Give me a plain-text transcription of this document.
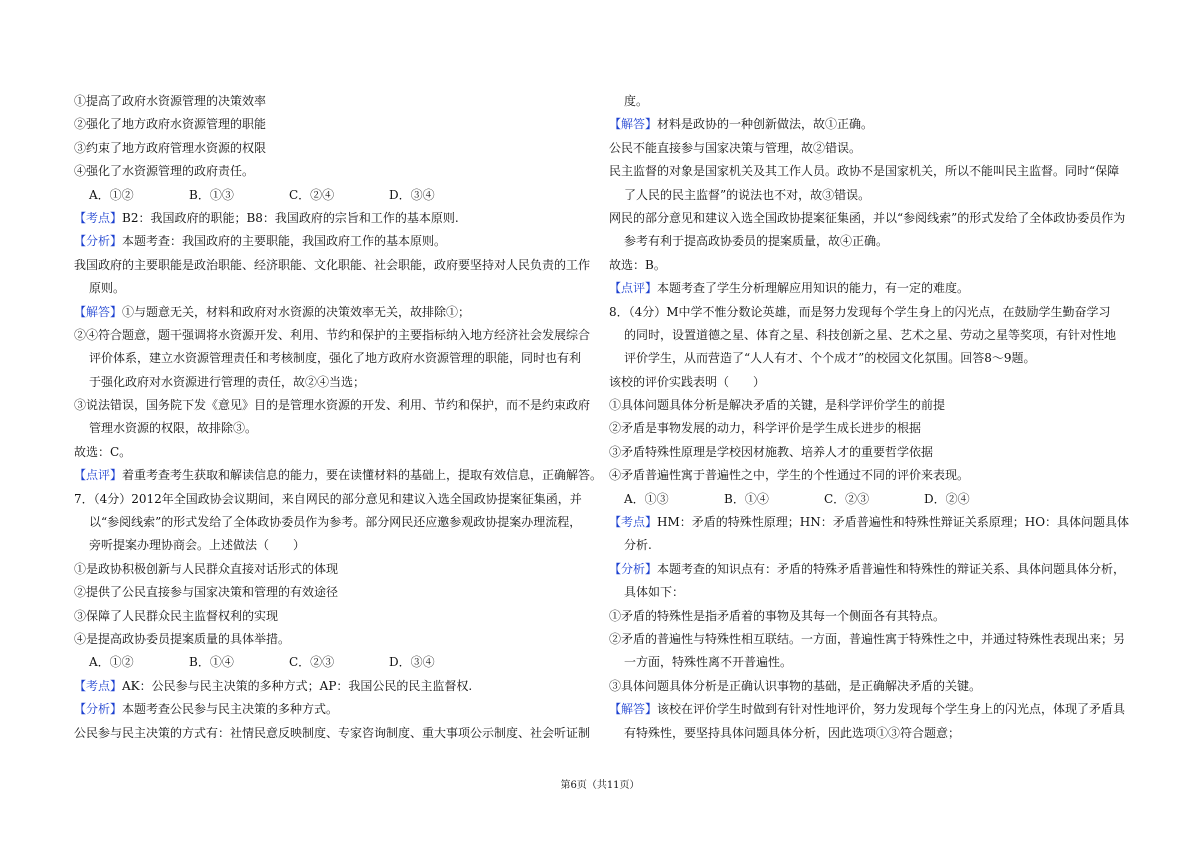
①提高了政府水资源管理的决策效率
②强化了地方政府水资源管理的职能
③约束了地方政府管理水资源的权限
④强化了水资源管理的政府责任。
A．①②	B．①③	C．②④	D．③④
【考点】B2：我国政府的职能；B8：我国政府的宗旨和工作的基本原则.
【分析】本题考查：我国政府的主要职能，我国政府工作的基本原则。
我国政府的主要职能是政治职能、经济职能、文化职能、社会职能，政府要坚持对人民负责的工作
原则。
【解答】①与题意无关，材料和政府对水资源的决策效率无关，故排除①；
②④符合题意，题干强调将水资源开发、利用、节约和保护的主要指标纳入地方经济社会发展综合
评价体系，建立水资源管理责任和考核制度，强化了地方政府水资源管理的职能，同时也有利
于强化政府对水资源进行管理的责任，故②④当选；
③说法错误，国务院下发《意见》目的是管理水资源的开发、利用、节约和保护，而不是约束政府
管理水资源的权限，故排除③。
故选：C。
【点评】着重考查考生获取和解读信息的能力，要在读懂材料的基础上，提取有效信息，正确解答。
7．（4分）2012年全国政协会议期间，来自网民的部分意见和建议入选全国政协提案征集函，并
以“参阅线索”的形式发给了全体政协委员作为参考。部分网民还应邀参观政协提案办理流程，
旁听提案办理协商会。上述做法（　　）
①是政协积极创新与人民群众直接对话形式的体现
②提供了公民直接参与国家决策和管理的有效途径
③保障了人民群众民主监督权利的实现
④是提高政协委员提案质量的具体举措。
A．①②	B．①④	C．②③	D．③④
【考点】AK：公民参与民主决策的多种方式；AP：我国公民的民主监督权.
【分析】本题考查公民参与民主决策的多种方式。
公民参与民主决策的方式有：社情民意反映制度、专家咨询制度、重大事项公示制度、社会听证制
度。
【解答】材料是政协的一种创新做法，故①正确。
公民不能直接参与国家决策与管理，故②错误。
民主监督的对象是国家机关及其工作人员。政协不是国家机关，所以不能叫民主监督。同时“保障
了人民的民主监督”的说法也不对，故③错误。
网民的部分意见和建议入选全国政协提案征集函，并以“参阅线索”的形式发给了全体政协委员作为
参考有利于提高政协委员的提案质量，故④正确。
故选：B。
【点评】本题考查了学生分析理解应用知识的能力，有一定的难度。
8．（4分）M中学不惟分数论英雄，而是努力发现每个学生身上的闪光点，在鼓励学生勤奋学习
的同时，设置道德之星、体育之星、科技创新之星、艺术之星、劳动之星等奖项，有针对性地
评价学生，从而营造了“人人有才、个个成才”的校园文化氛围。回答8～9题。
该校的评价实践表明（　　）
①具体问题具体分析是解决矛盾的关键，是科学评价学生的前提
②矛盾是事物发展的动力，科学评价是学生成长进步的根据
③矛盾特殊性原理是学校因材施教、培养人才的重要哲学依据
④矛盾普遍性寓于普遍性之中，学生的个性通过不同的评价来表现。
A．①③	B．①④	C．②③	D．②④
【考点】HM：矛盾的特殊性原理；HN：矛盾普遍性和特殊性辩证关系原理；HO：具体问题具体
分析.
【分析】本题考查的知识点有：矛盾的特殊矛盾普遍性和特殊性的辩证关系、具体问题具体分析，
具体如下：
①矛盾的特殊性是指矛盾着的事物及其每一个侧面各有其特点。
②矛盾的普遍性与特殊性相互联结。一方面，普遍性寓于特殊性之中，并通过特殊性表现出来；另
一方面，特殊性离不开普遍性。
③具体问题具体分析是正确认识事物的基础，是正确解决矛盾的关键。
【解答】该校在评价学生时做到有针对性地评价，努力发现每个学生身上的闪光点，体现了矛盾具
有特殊性，要坚持具体问题具体分析，因此选项①③符合题意；
第6页（共11页）
